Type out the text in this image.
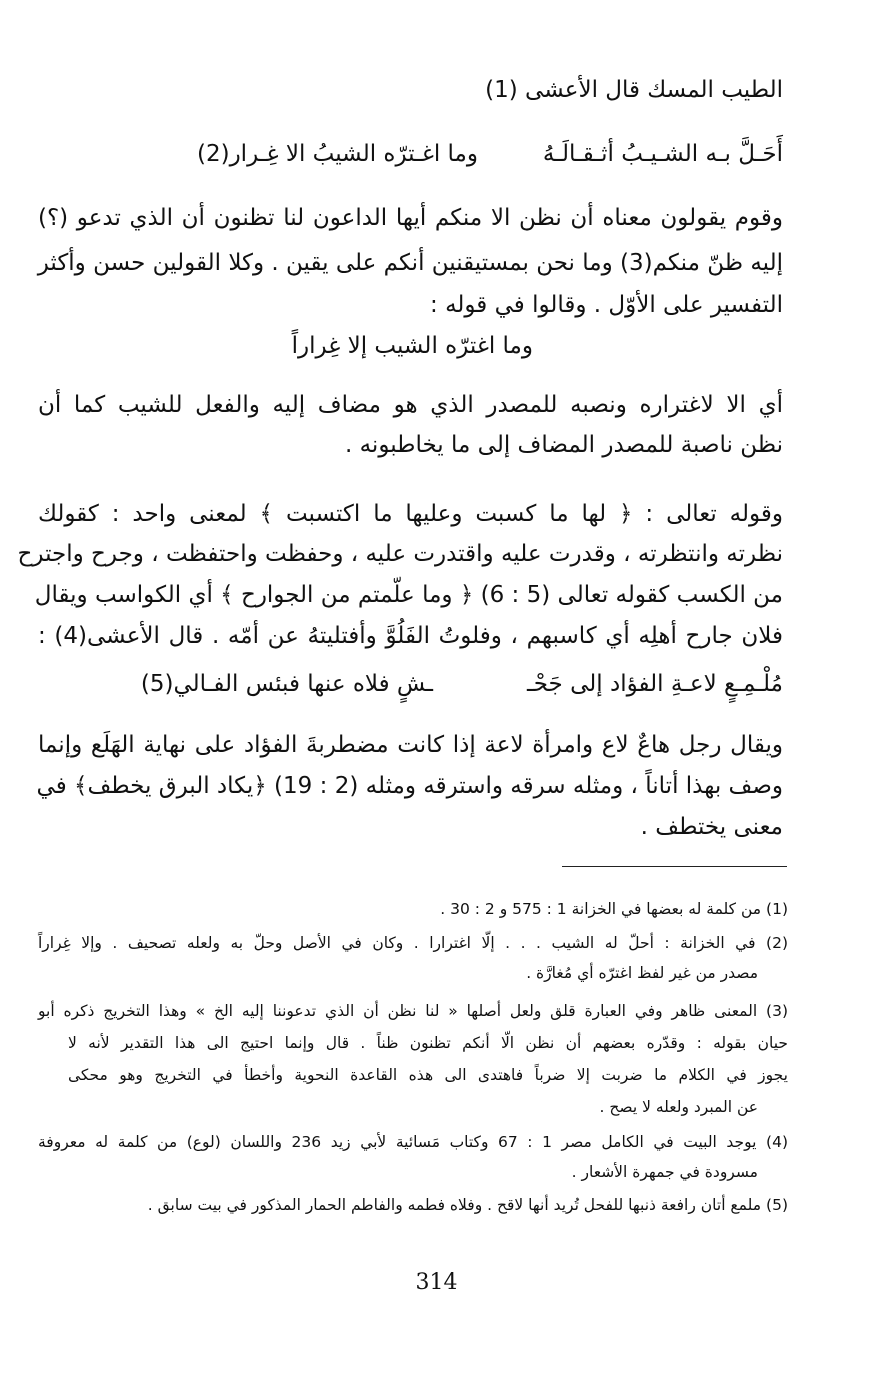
الطيب المسك قال الأعشى (1)
أَحَـلَّ بـه الشـيـبُ أثـقـالَـهُ
وما اغـترّه الشيبُ الا غِـرار(2)
وقوم يقولون معناه أن نظن الا منكم أيها الداعون لنا تظنون أن الذي تدعو (؟)
إليه ظنّ منكم(3) وما نحن بمستيقنين أنكم على يقين . وكلا القولين حسن وأكثر
التفسير على الأوّل . وقالوا في قوله :
وما اغترّه الشيب إلا غِراراً
أي الا لاغتراره ونصبه للمصدر الذي هو مضاف إليه والفعل للشيب كما أن
نظن ناصبة للمصدر المضاف إلى ما يخاطبونه .
وقوله تعالى : ﴿ لها ما كسبت وعليها ما اكتسبت ﴾ لمعنى واحد : كقولك
نظرته وانتظرته ، وقدرت عليه واقتدرت عليه ، وحفظت واحتفظت ، وجرح واجترح
من الكسب كقوله تعالى (5 : 6) ﴿ وما علّمتم من الجوارح ﴾ أي الكواسب ويقال
فلان جارح أهلِه أي كاسبهم ، وفلوتُ الفَلُوَّ وأفتليتهُ عن أمّه . قال الأعشى(4) :
مُلْـمِـعٍ لاعـةِ الفؤاد إلى جَحْـ
ـشٍ فلاه عنها فبئس الفـالي(5)
ويقال رجل هاعٌ لاع وامرأة لاعة إذا كانت مضطربةَ الفؤاد على نهاية الهَلَع وإنما
وصف بهذا أتاناً ، ومثله سرقه واسترقه ومثله (2 : 19) ﴿يكاد البرق يخطف﴾ في
معنى يختطف .
(1) من كلمة له بعضها في الخزانة 1 : 575 و 2 : 30 .
(2) في الخزانة : أحلّ له الشيب . . . إلّا اغترارا . وكان في الأصل وحلّ به ولعله تصحيف . وإلا غِراراً
مصدر من غير لفظ اغترّه أي مُغارَّة .
(3) المعنى ظاهر وفي العبارة قلق ولعل أصلها « لنا نظن أن الذي تدعوننا إليه الخ » وهذا التخريج ذكره أبو
حيان بقوله : وقدّره بعضهم أن نظن الّا أنكم تظنون ظناً . قال وإنما احتيج الى هذا التقدير لأنه لا
يجوز في الكلام ما ضربت إلا ضرباً فاهتدى الى هذه القاعدة النحوية وأخطأ في التخريج وهو محكى
عن المبرد ولعله لا يصح .
(4) يوجد البيت في الكامل مصر 1 : 67 وكتاب مَسائية لأبي زيد 236 واللسان (لوع) من كلمة له معروفة
مسرودة في جمهرة الأشعار .
(5) ملمع أتان رافعة ذنبها للفحل تُريد أنها لاقح . وفلاه فطمه والفاطم الحمار المذكور في بيت سابق .
314
